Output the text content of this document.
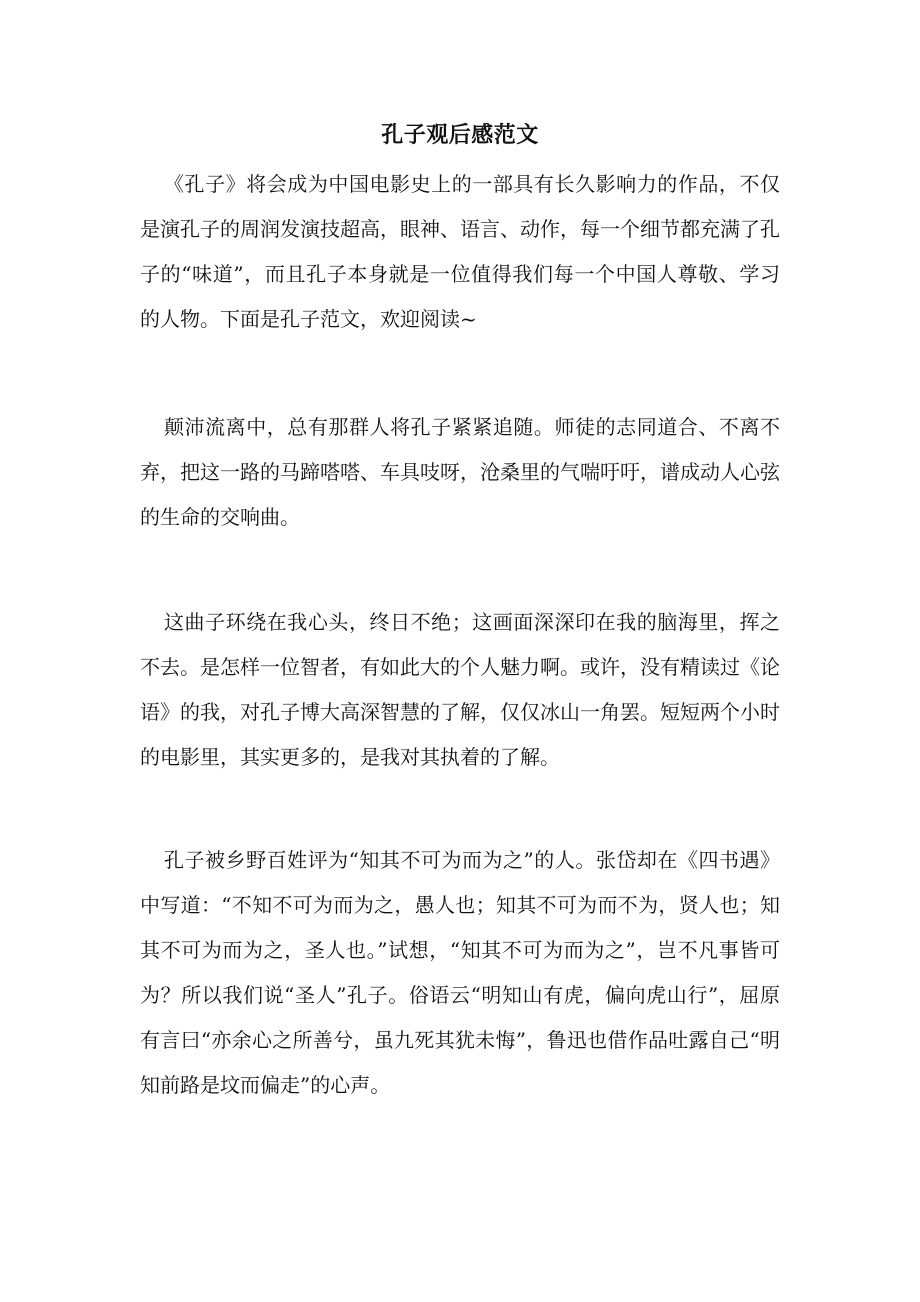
孔子观后感范文

《孔子》将会成为中国电影史上的一部具有长久影响力的作品，不仅是演孔子的周润发演技超高，眼神、语言、动作，每一个细节都充满了孔子的“味道”，而且孔子本身就是一位值得我们每一个中国人尊敬、学习的人物。下面是孔子范文，欢迎阅读~

颠沛流离中，总有那群人将孔子紧紧追随。师徒的志同道合、不离不弃，把这一路的马蹄嗒嗒、车具吱呀，沧桑里的气喘吁吁，谱成动人心弦的生命的交响曲。

这曲子环绕在我心头，终日不绝；这画面深深印在我的脑海里，挥之不去。是怎样一位智者，有如此大的个人魅力啊。或许，没有精读过《论语》的我，对孔子博大高深智慧的了解，仅仅冰山一角罢。短短两个小时的电影里，其实更多的，是我对其执着的了解。

孔子被乡野百姓评为“知其不可为而为之”的人。张岱却在《四书遇》中写道：“不知不可为而为之，愚人也；知其不可为而不为，贤人也；知其不可为而为之，圣人也。”试想，“知其不可为而为之”，岂不凡事皆可为？所以我们说“圣人”孔子。俗语云“明知山有虎，偏向虎山行”，屈原有言曰“亦余心之所善兮，虽九死其犹未悔”，鲁迅也借作品吐露自己“明知前路是坟而偏走”的心声。
